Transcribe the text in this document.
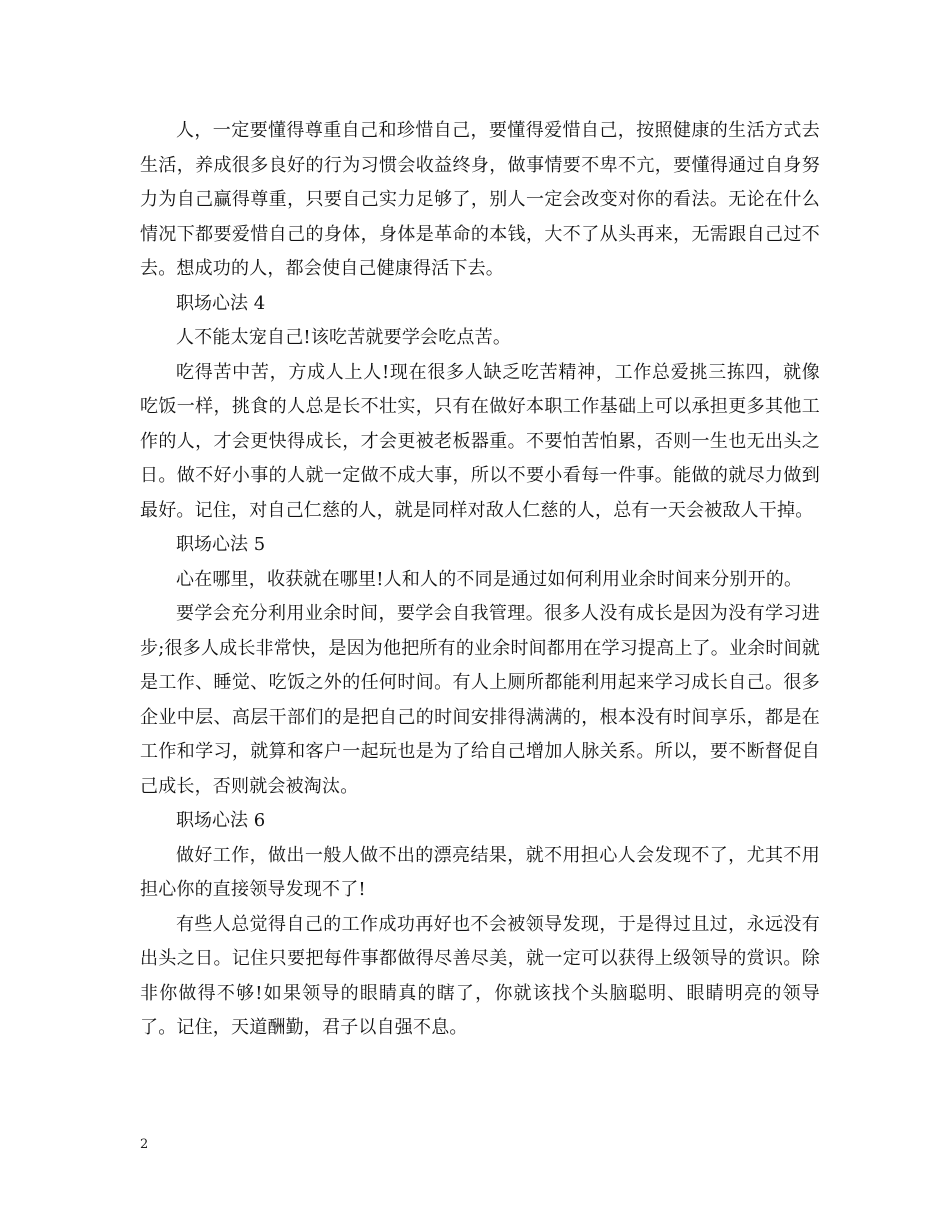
人，一定要懂得尊重自己和珍惜自己，要懂得爱惜自己，按照健康的生活方式去生活，养成很多良好的行为习惯会收益终身，做事情要不卑不亢，要懂得通过自身努力为自己赢得尊重，只要自己实力足够了，别人一定会改变对你的看法。无论在什么情况下都要爱惜自己的身体，身体是革命的本钱，大不了从头再来，无需跟自己过不去。想成功的人，都会使自己健康得活下去。

职场心法 4

人不能太宠自己!该吃苦就要学会吃点苦。

吃得苦中苦，方成人上人!现在很多人缺乏吃苦精神，工作总爱挑三拣四，就像吃饭一样，挑食的人总是长不壮实，只有在做好本职工作基础上可以承担更多其他工作的人，才会更快得成长，才会更被老板器重。不要怕苦怕累，否则一生也无出头之日。做不好小事的人就一定做不成大事，所以不要小看每一件事。能做的就尽力做到最好。记住，对自己仁慈的人，就是同样对敌人仁慈的人，总有一天会被敌人干掉。

职场心法 5

心在哪里，收获就在哪里!人和人的不同是通过如何利用业余时间来分别开的。

要学会充分利用业余时间，要学会自我管理。很多人没有成长是因为没有学习进步;很多人成长非常快，是因为他把所有的业余时间都用在学习提高上了。业余时间就是工作、睡觉、吃饭之外的任何时间。有人上厕所都能利用起来学习成长自己。很多企业中层、高层干部们的是把自己的时间安排得满满的，根本没有时间享乐，都是在工作和学习，就算和客户一起玩也是为了给自己增加人脉关系。所以，要不断督促自己成长，否则就会被淘汰。

职场心法 6

做好工作，做出一般人做不出的漂亮结果，就不用担心人会发现不了，尤其不用担心你的直接领导发现不了!

有些人总觉得自己的工作成功再好也不会被领导发现，于是得过且过，永远没有出头之日。记住只要把每件事都做得尽善尽美，就一定可以获得上级领导的赏识。除非你做得不够!如果领导的眼睛真的瞎了，你就该找个头脑聪明、眼睛明亮的领导了。记住，天道酬勤，君子以自强不息。

2
